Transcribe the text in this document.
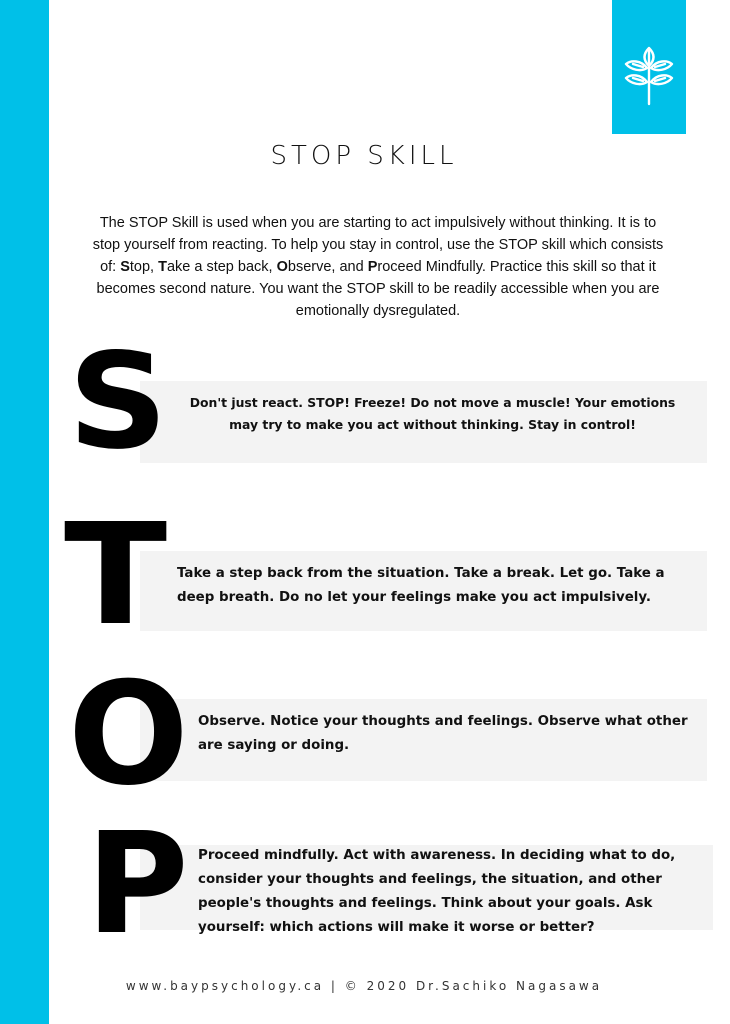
STOP SKILL
The STOP Skill is used when you are starting to act impulsively without thinking. It is to
stop yourself from reacting. To help you stay in control, use the STOP skill which consists
of: Stop, Take a step back, Observe, and Proceed Mindfully. Practice this skill so that it
becomes second nature. You want the STOP skill to be readily accessible when you are
emotionally dysregulated.
S	Don't just react. STOP! Freeze! Do not move a muscle! Your emotions
may try to make you act without thinking. Stay in control!
T Take a step back from the situation. Take a break. Let go. Take a
deep breath. Do no let your feelings make you act impulsively.
O Observe. Notice your thoughts and feelings. Observe what other
are saying or doing.
P Proceed mindfully. Act with awareness. In deciding what to do,
consider your thoughts and feelings, the situation, and other
people's thoughts and feelings. Think about your goals. Ask
yourself: which actions will make it worse or better?
www.baypsychology.ca | © 2020 Dr.Sachiko Nagasawa
